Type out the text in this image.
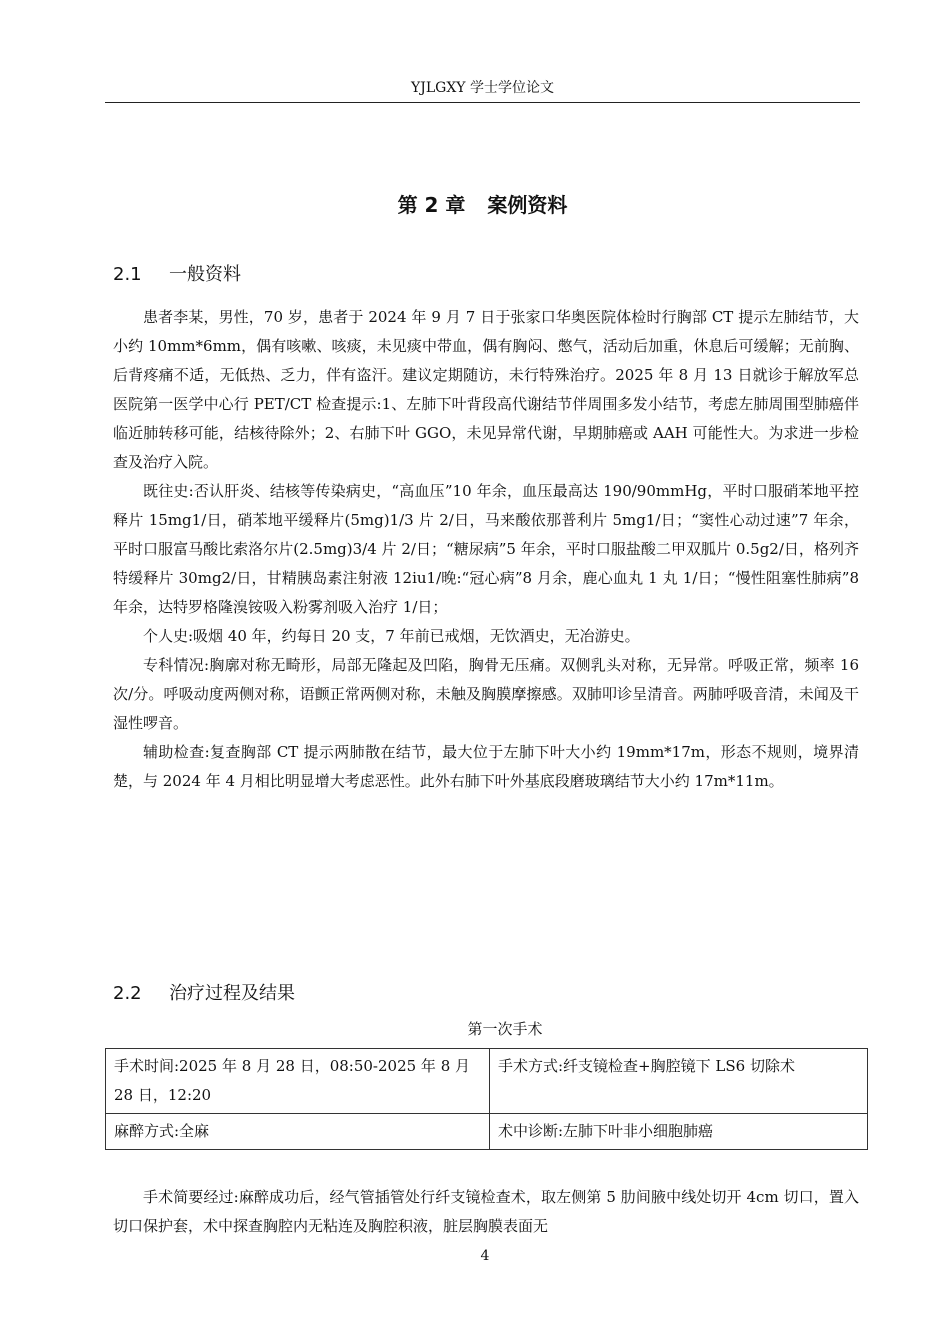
YJLGXY 学士学位论文
第 2 章 案例资料
2.1 一般资料

患者李某，男性，70 岁，患者于 2024 年 9 月 7 日于张家口华奥医院体检时行胸部 CT 提示左肺结节，大小约 10mm*6mm，偶有咳嗽、咳痰，未见痰中带血，偶有胸闷、憋气，活动后加重，休息后可缓解；无前胸、后背疼痛不适，无低热、乏力，伴有盗汗。建议定期随访，未行特殊治疗。2025 年 8 月 13 日就诊于解放军总医院第一医学中心行 PET/CT 检查提示:1、左肺下叶背段高代谢结节伴周围多发小结节，考虑左肺周围型肺癌伴临近肺转移可能，结核待除外；2、右肺下叶 GGO，未见异常代谢，早期肺癌或 AAH 可能性大。为求进一步检查及治疗入院。

既往史:否认肝炎、结核等传染病史，“高血压”10 年余，血压最高达 190/90mmHg，平时口服硝苯地平控释片 15mg1/日，硝苯地平缓释片(5mg)1/3 片 2/日，马来酸依那普利片 5mg1/日；“窦性心动过速”7 年余，平时口服富马酸比索洛尔片(2.5mg)3/4 片 2/日；“糖尿病”5 年余，平时口服盐酸二甲双胍片 0.5g2/日，格列齐特缓释片 30mg2/日，甘精胰岛素注射液 12iu1/晚:“冠心病”8 月余，鹿心血丸 1 丸 1/日；“慢性阻塞性肺病”8 年余，达特罗格隆溴铵吸入粉雾剂吸入治疗 1/日；

个人史:吸烟 40 年，约每日 20 支，7 年前已戒烟，无饮酒史，无冶游史。

专科情况:胸廓对称无畸形，局部无隆起及凹陷，胸骨无压痛。双侧乳头对称，无异常。呼吸正常，频率 16 次/分。呼吸动度两侧对称，语颤正常两侧对称，未触及胸膜摩擦感。双肺叩诊呈清音。两肺呼吸音清，未闻及干湿性啰音。

辅助检查:复查胸部 CT 提示两肺散在结节，最大位于左肺下叶大小约 19mm*17m，形态不规则，境界清楚，与 2024 年 4 月相比明显增大考虑恶性。此外右肺下叶外基底段磨玻璃结节大小约 17m*11m。

2.2 治疗过程及结果
第一次手术
手术时间:2025 年 8 月 28 日，08:50-2025 年 8 月 28 日，12:20	手术方式:纤支镜检查+胸腔镜下 LS6 切除术
麻醉方式:全麻	术中诊断:左肺下叶非小细胞肺癌

手术简要经过:麻醉成功后，经气管插管处行纤支镜检查术，取左侧第 5 肋间腋中线处切开 4cm 切口，置入切口保护套，术中探查胸腔内无粘连及胸腔积液，脏层胸膜表面无

4
